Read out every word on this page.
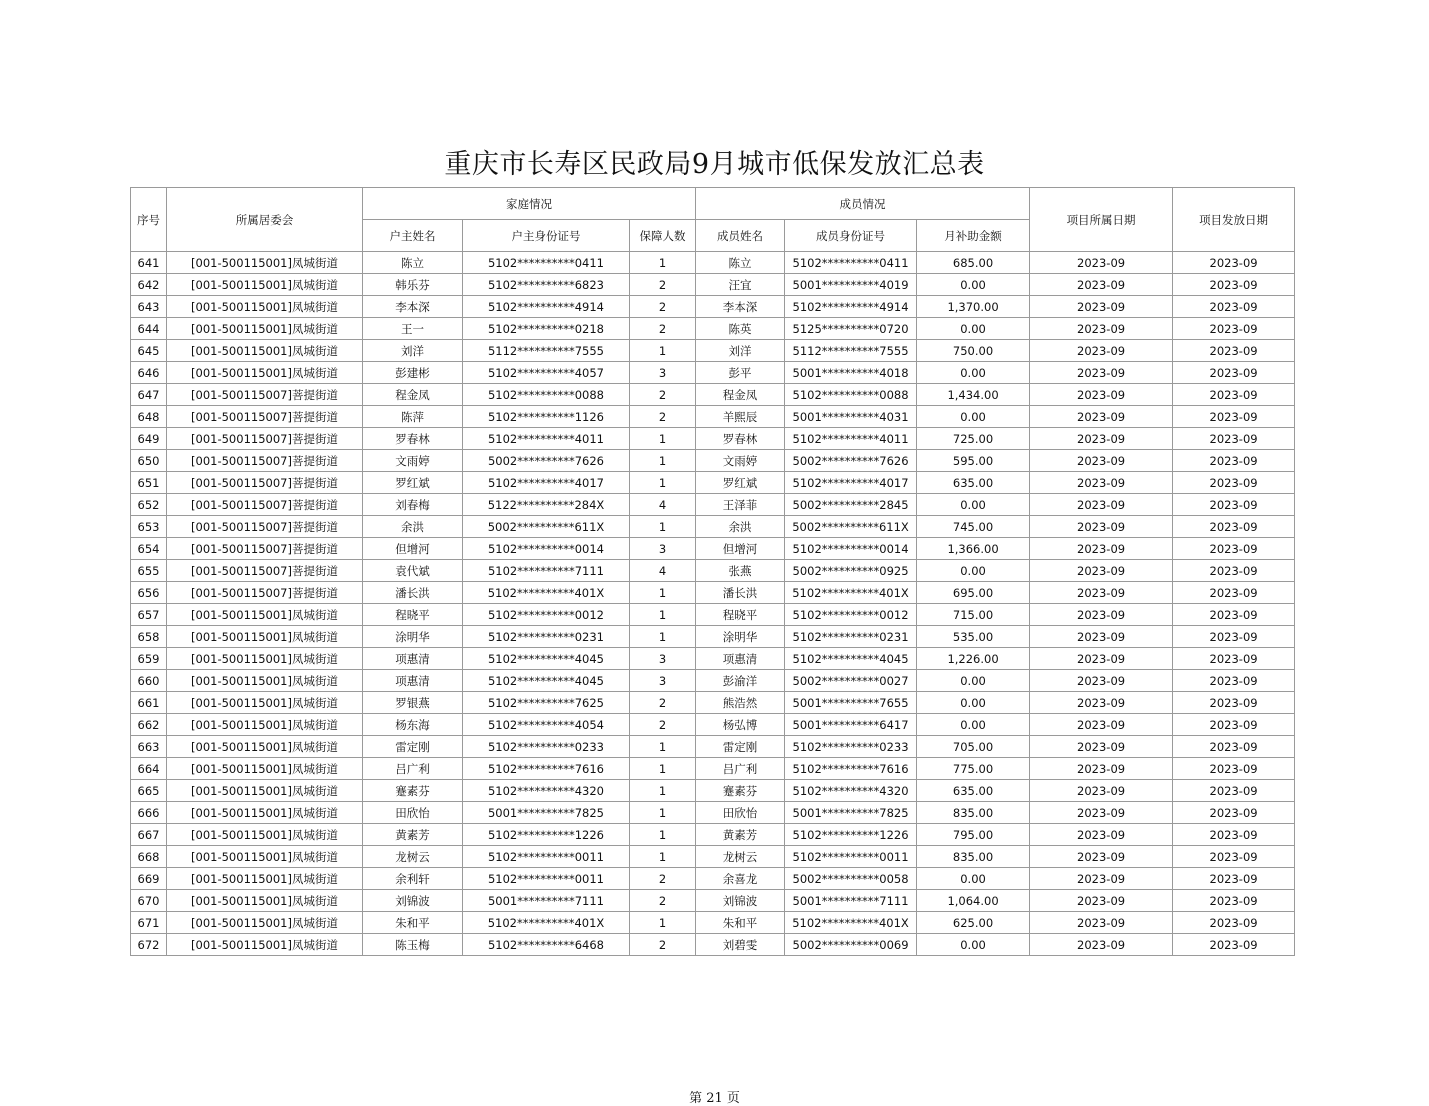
重庆市长寿区民政局9月城市低保发放汇总表
序号	所属居委会	家庭情况			成员情况			项目所属日期	项目发放日期
		户主姓名	户主身份证号	保障人数	成员姓名	成员身份证号	月补助金额		
641	[001-500115001]凤城街道	陈立	5102**********0411	1	陈立	5102**********0411	685.00	2023-09	2023-09
642	[001-500115001]凤城街道	韩乐芬	5102**********6823	2	汪宜	5001**********4019	0.00	2023-09	2023-09
643	[001-500115001]凤城街道	李本深	5102**********4914	2	李本深	5102**********4914	1,370.00	2023-09	2023-09
644	[001-500115001]凤城街道	王一	5102**********0218	2	陈英	5125**********0720	0.00	2023-09	2023-09
645	[001-500115001]凤城街道	刘洋	5112**********7555	1	刘洋	5112**********7555	750.00	2023-09	2023-09
646	[001-500115001]凤城街道	彭建彬	5102**********4057	3	彭平	5001**********4018	0.00	2023-09	2023-09
647	[001-500115007]菩提街道	程金凤	5102**********0088	2	程金凤	5102**********0088	1,434.00	2023-09	2023-09
648	[001-500115007]菩提街道	陈萍	5102**********1126	2	羊熙辰	5001**********4031	0.00	2023-09	2023-09
649	[001-500115007]菩提街道	罗春林	5102**********4011	1	罗春林	5102**********4011	725.00	2023-09	2023-09
650	[001-500115007]菩提街道	文雨婷	5002**********7626	1	文雨婷	5002**********7626	595.00	2023-09	2023-09
651	[001-500115007]菩提街道	罗红斌	5102**********4017	1	罗红斌	5102**********4017	635.00	2023-09	2023-09
652	[001-500115007]菩提街道	刘春梅	5122**********284X	4	王泽菲	5002**********2845	0.00	2023-09	2023-09
653	[001-500115007]菩提街道	余洪	5002**********611X	1	余洪	5002**********611X	745.00	2023-09	2023-09
654	[001-500115007]菩提街道	但增河	5102**********0014	3	但增河	5102**********0014	1,366.00	2023-09	2023-09
655	[001-500115007]菩提街道	袁代斌	5102**********7111	4	张燕	5002**********0925	0.00	2023-09	2023-09
656	[001-500115007]菩提街道	潘长洪	5102**********401X	1	潘长洪	5102**********401X	695.00	2023-09	2023-09
657	[001-500115001]凤城街道	程晓平	5102**********0012	1	程晓平	5102**********0012	715.00	2023-09	2023-09
658	[001-500115001]凤城街道	涂明华	5102**********0231	1	涂明华	5102**********0231	535.00	2023-09	2023-09
659	[001-500115001]凤城街道	项惠清	5102**********4045	3	项惠清	5102**********4045	1,226.00	2023-09	2023-09
660	[001-500115001]凤城街道	项惠清	5102**********4045	3	彭渝洋	5002**********0027	0.00	2023-09	2023-09
661	[001-500115001]凤城街道	罗银燕	5102**********7625	2	熊浩然	5001**********7655	0.00	2023-09	2023-09
662	[001-500115001]凤城街道	杨东海	5102**********4054	2	杨弘博	5001**********6417	0.00	2023-09	2023-09
663	[001-500115001]凤城街道	雷定刚	5102**********0233	1	雷定刚	5102**********0233	705.00	2023-09	2023-09
664	[001-500115001]凤城街道	吕广利	5102**********7616	1	吕广利	5102**********7616	775.00	2023-09	2023-09
665	[001-500115001]凤城街道	蹇素芬	5102**********4320	1	蹇素芬	5102**********4320	635.00	2023-09	2023-09
666	[001-500115001]凤城街道	田欣怡	5001**********7825	1	田欣怡	5001**********7825	835.00	2023-09	2023-09
667	[001-500115001]凤城街道	黄素芳	5102**********1226	1	黄素芳	5102**********1226	795.00	2023-09	2023-09
668	[001-500115001]凤城街道	龙树云	5102**********0011	1	龙树云	5102**********0011	835.00	2023-09	2023-09
669	[001-500115001]凤城街道	余利轩	5102**********0011	2	余喜龙	5002**********0058	0.00	2023-09	2023-09
670	[001-500115001]凤城街道	刘锦波	5001**********7111	2	刘锦波	5001**********7111	1,064.00	2023-09	2023-09
671	[001-500115001]凤城街道	朱和平	5102**********401X	1	朱和平	5102**********401X	625.00	2023-09	2023-09
672	[001-500115001]凤城街道	陈玉梅	5102**********6468	2	刘碧雯	5002**********0069	0.00	2023-09	2023-09
第 21 页
